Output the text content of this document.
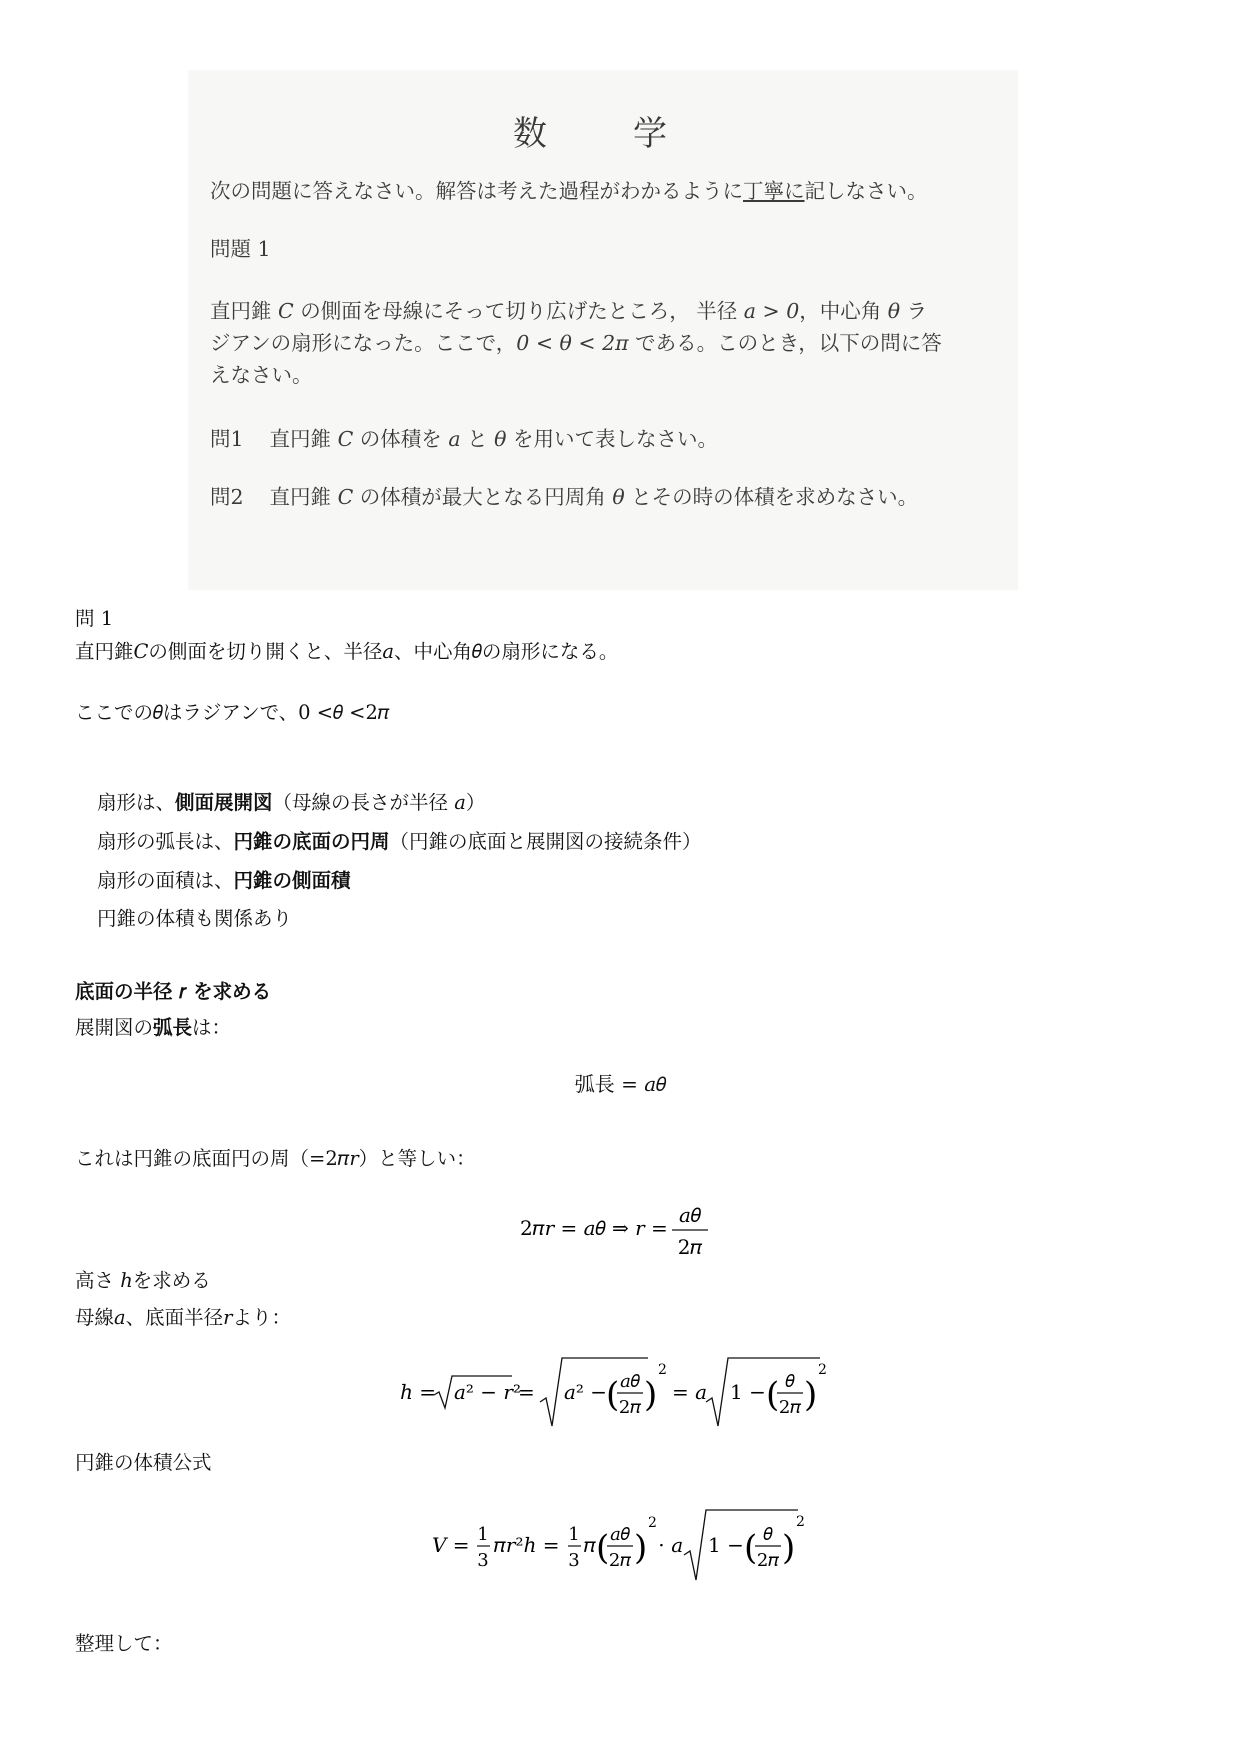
数　学
次の問題に答えなさい。解答は考えた過程がわかるように丁寧に記しなさい。
問題 1
直円錐 C の側面を母線にそって切り広げたところ， 半径 a > 0，中心角 θ ラ
ジアンの扇形になった。ここで，0 < θ < 2π である。このとき，以下の問に答
えなさい。
問1 直円錐 C の体積を a と θ を用いて表しなさい。
問2 直円錐 C の体積が最大となる円周角 θ とその時の体積を求めなさい。
問 1
直円錐𝐶の側面を切り開くと、半径𝑎、中心角𝜃の扇形になる。
ここでの𝜃はラジアンで、0 <𝜃 <2𝜋
扇形は、側面展開図（母線の長さが半径 𝑎）
扇形の弧長は、円錐の底面の円周（円錐の底面と展開図の接続条件）
扇形の面積は、円錐の側面積
円錐の体積も関係あり
底面の半径 𝑟 を求める
展開図の弧長は：
弧長 = 𝑎𝜃
これは円錐の底面円の周（=2𝜋𝑟）と等しい：
2𝜋𝑟 = 𝑎𝜃 ⇒ 𝑟 =
𝑎𝜃
2𝜋
高さ ℎを求める
母線𝑎、底面半径𝑟より：
ℎ = 𝑎² − 𝑟²
= 𝑎² −
( 𝑎𝜃
2𝜋 )
2
= 𝑎 1 − ( 𝜃
2𝜋 )
2
円錐の体積公式
𝑉 = 1
3
𝜋𝑟²ℎ = 1
3
𝜋 ( 𝑎𝜃
2𝜋 )
2
⋅ 𝑎 1 − ( 𝜃
2𝜋 )
2
整理して：
